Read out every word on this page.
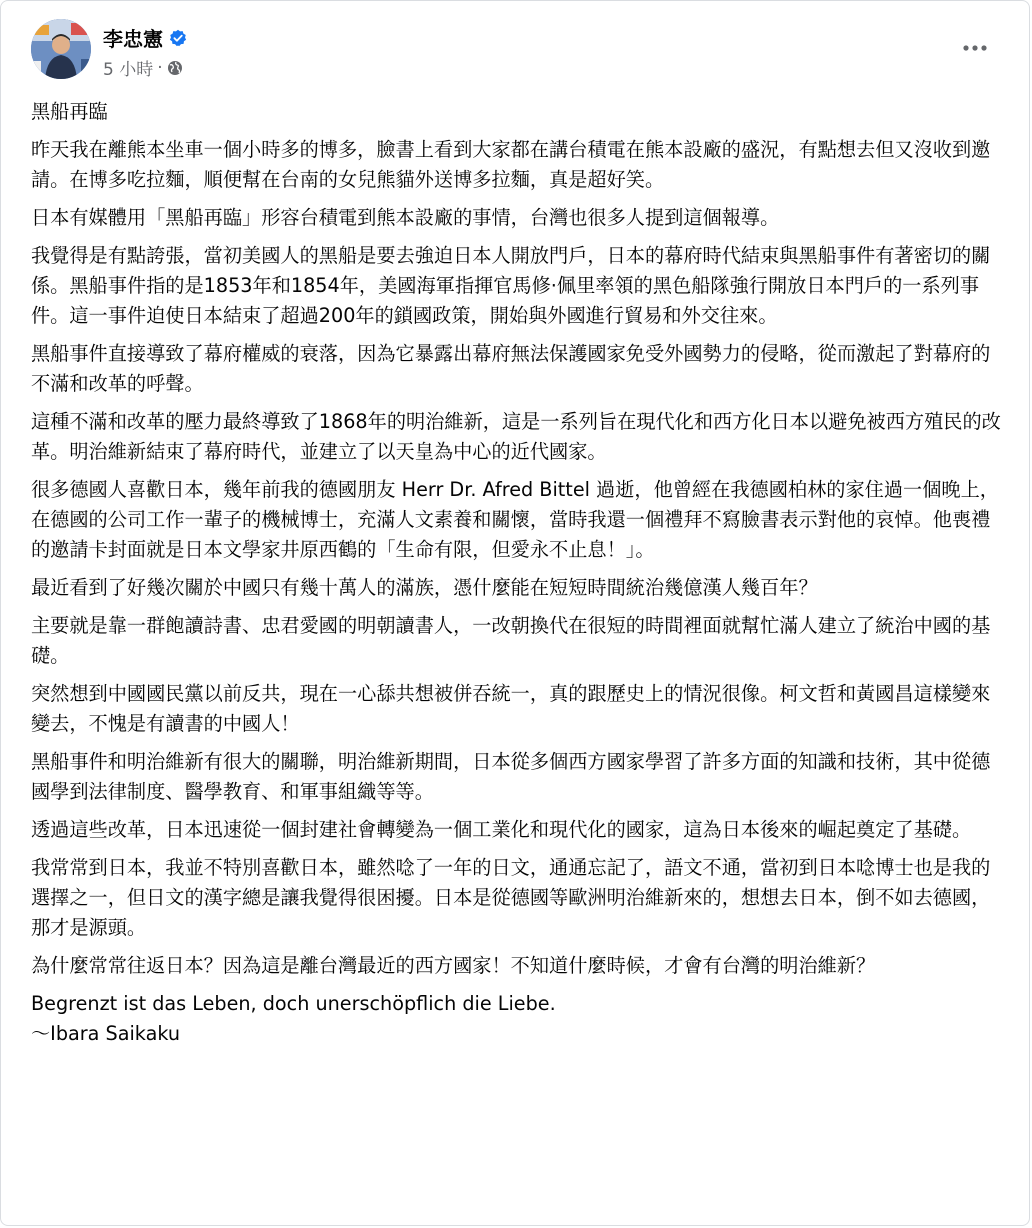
李忠憲
5 小時 ·

黑船再臨

昨天我在離熊本坐車一個小時多的博多，臉書上看到大家都在講台積電在熊本設廠的盛況，有點想去但又沒收到邀請。在博多吃拉麵，順便幫在台南的女兒熊貓外送博多拉麵，真是超好笑。

日本有媒體用「黑船再臨」形容台積電到熊本設廠的事情，台灣也很多人提到這個報導。

我覺得是有點誇張，當初美國人的黑船是要去強迫日本人開放門戶，日本的幕府時代結束與黑船事件有著密切的關係。黑船事件指的是1853年和1854年，美國海軍指揮官馬修·佩里率領的黑色船隊強行開放日本門戶的一系列事件。這一事件迫使日本結束了超過200年的鎖國政策，開始與外國進行貿易和外交往來。

黑船事件直接導致了幕府權威的衰落，因為它暴露出幕府無法保護國家免受外國勢力的侵略，從而激起了對幕府的不滿和改革的呼聲。

這種不滿和改革的壓力最終導致了1868年的明治維新，這是一系列旨在現代化和西方化日本以避免被西方殖民的改革。明治維新結束了幕府時代，並建立了以天皇為中心的近代國家。

很多德國人喜歡日本，幾年前我的德國朋友 Herr Dr. Afred Bittel 過逝，他曾經在我德國柏林的家住過一個晚上，在德國的公司工作一輩子的機械博士，充滿人文素養和關懷，當時我還一個禮拜不寫臉書表示對他的哀悼。他喪禮的邀請卡封面就是日本文學家井原西鶴的「生命有限，但愛永不止息！」。

最近看到了好幾次關於中國只有幾十萬人的滿族，憑什麼能在短短時間統治幾億漢人幾百年？

主要就是靠一群飽讀詩書、忠君愛國的明朝讀書人，一改朝換代在很短的時間裡面就幫忙滿人建立了統治中國的基礎。

突然想到中國國民黨以前反共，現在一心舔共想被併吞統一，真的跟歷史上的情況很像。柯文哲和黃國昌這樣變來變去，不愧是有讀書的中國人！

黑船事件和明治維新有很大的關聯，明治維新期間，日本從多個西方國家學習了許多方面的知識和技術，其中從德國學到法律制度、醫學教育、和軍事組織等等。

透過這些改革，日本迅速從一個封建社會轉變為一個工業化和現代化的國家，這為日本後來的崛起奠定了基礎。

我常常到日本，我並不特別喜歡日本，雖然唸了一年的日文，通通忘記了，語文不通，當初到日本唸博士也是我的選擇之一，但日文的漢字總是讓我覺得很困擾。日本是從德國等歐洲明治維新來的，想想去日本，倒不如去德國，那才是源頭。

為什麼常常往返日本？因為這是離台灣最近的西方國家！不知道什麼時候，才會有台灣的明治維新？

Begrenzt ist das Leben, doch unerschöpflich die Liebe.
～Ibara Saikaku
